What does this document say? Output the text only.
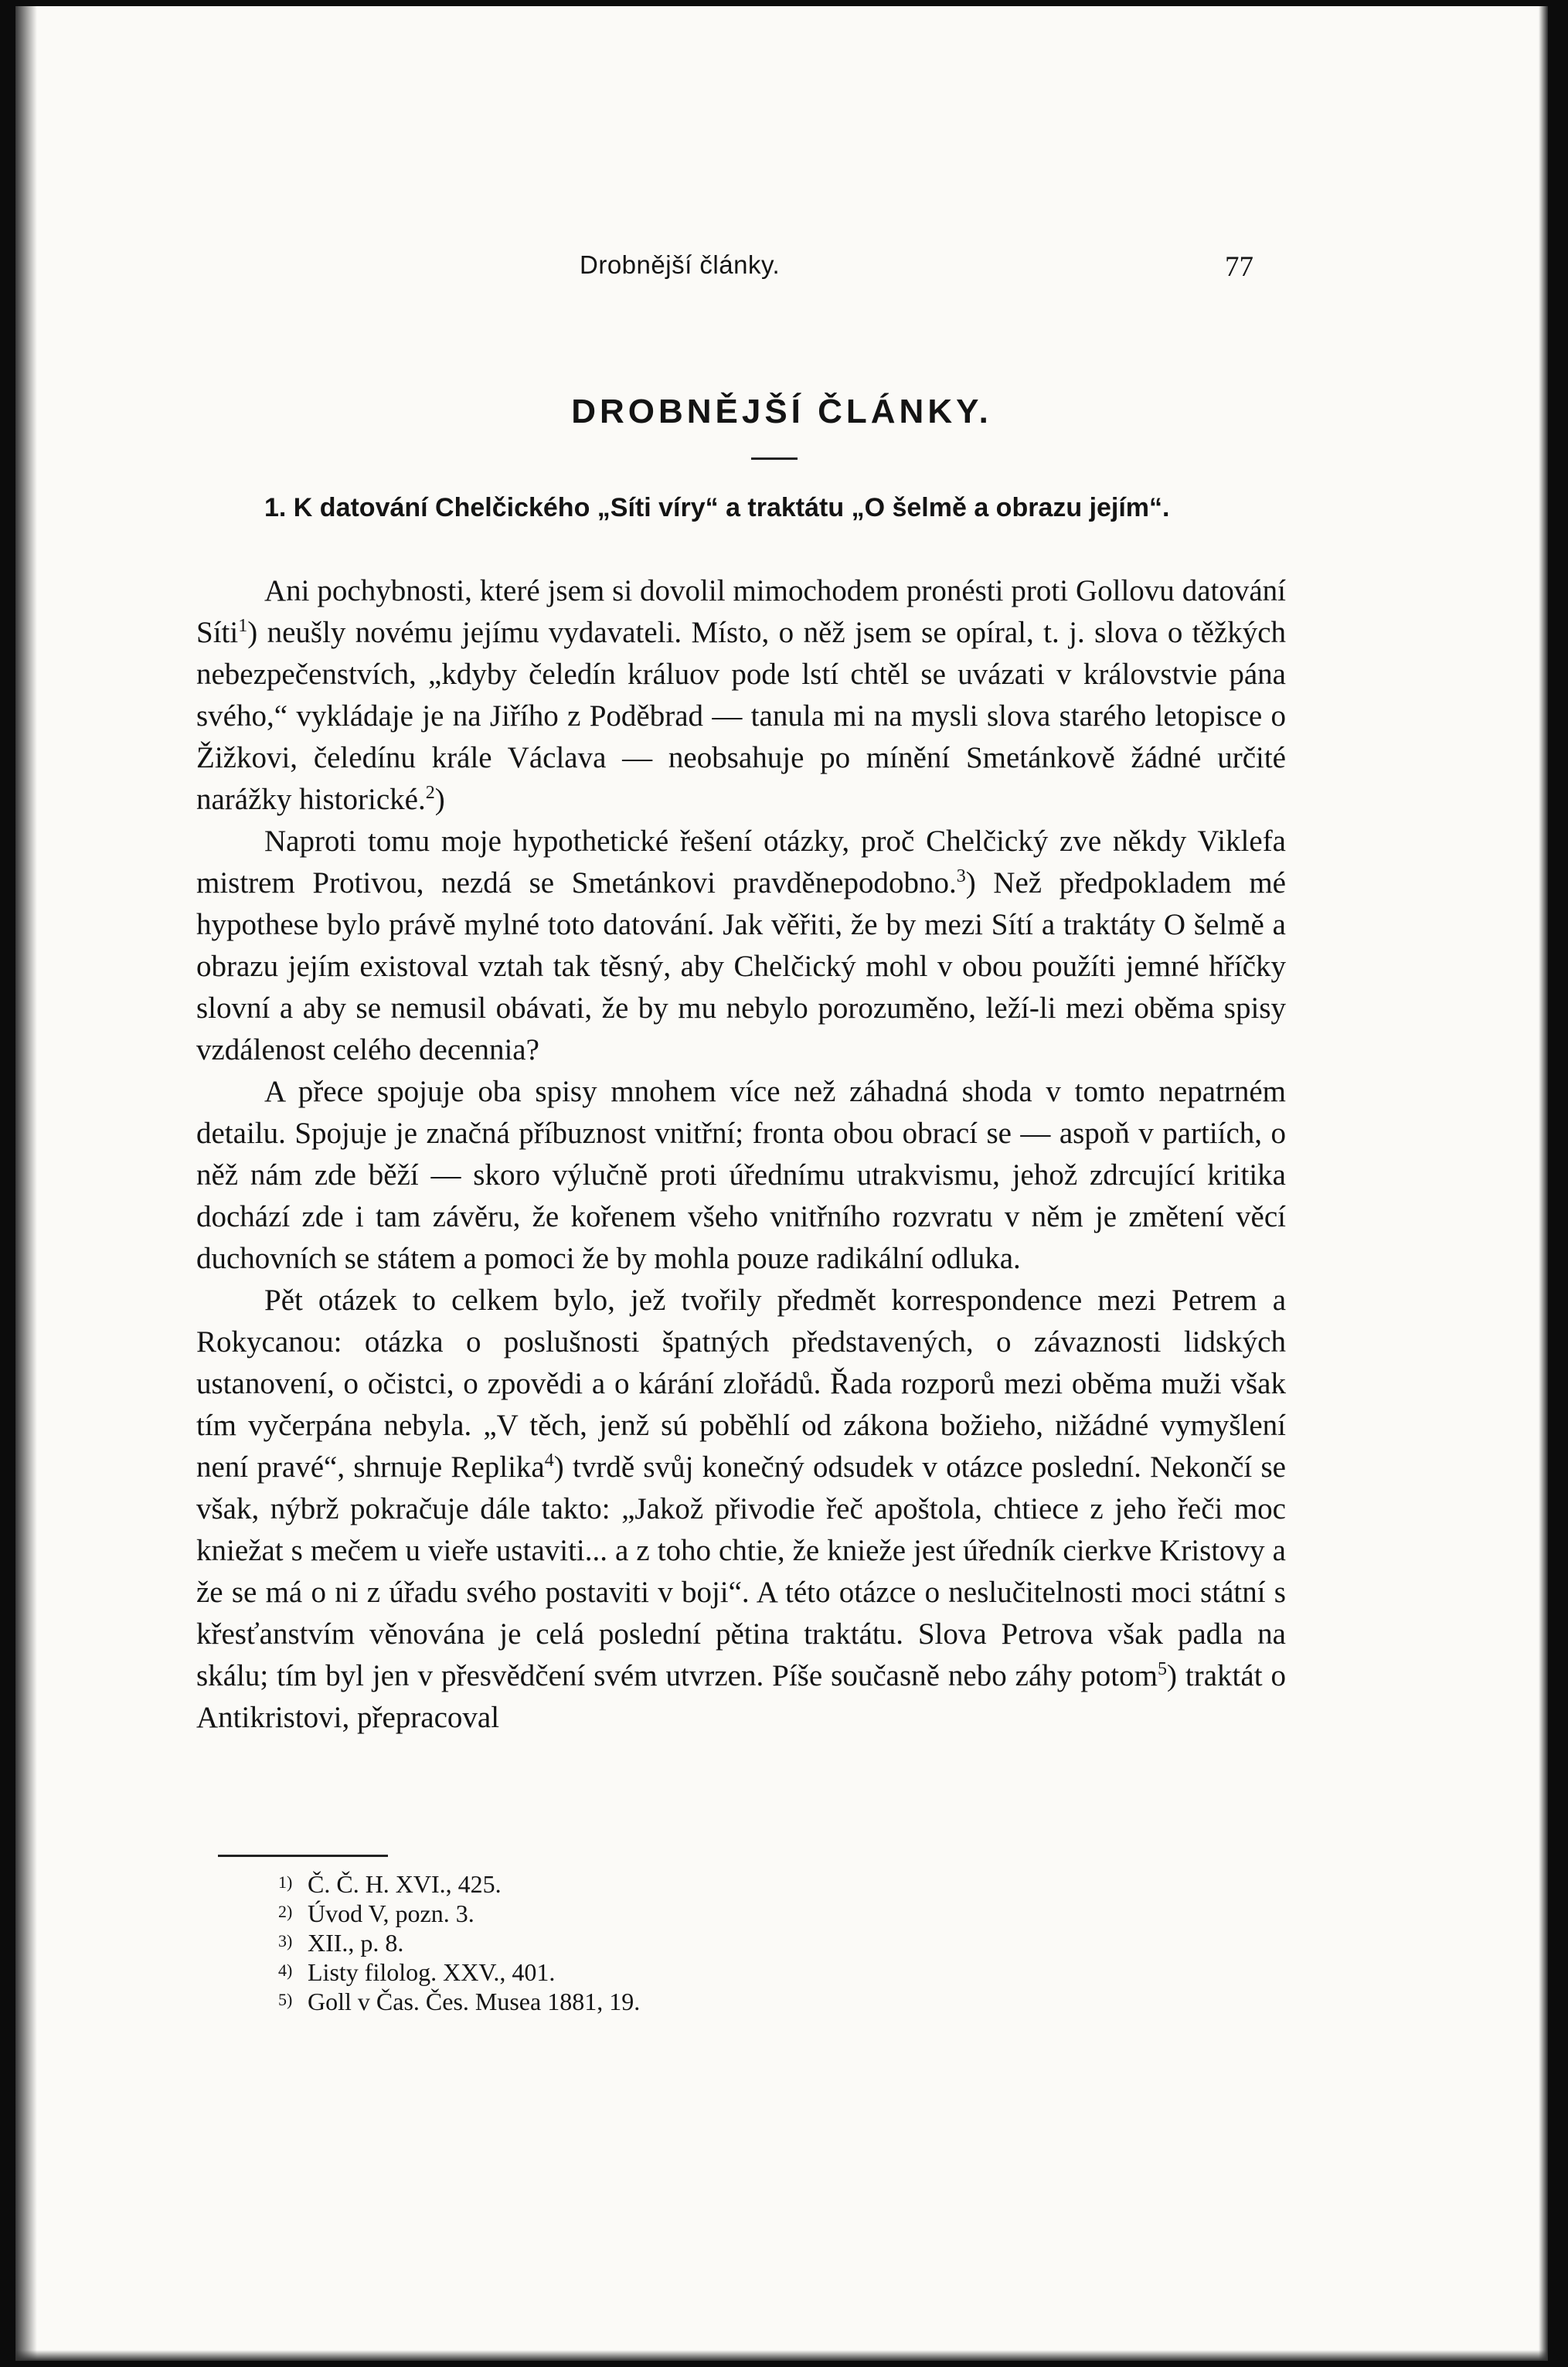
Drobnější články.	77
DROBNĚJŠÍ ČLÁNKY.
1. K datování Chelčického „Síti víry“ a traktátu „O šelmě a obrazu jejím“.

Ani pochybnosti, které jsem si dovolil mimochodem pronésti proti Gollovu datování Síti$^1$) neušly novému jejímu vydavateli. Místo, o něž jsem se opíral, t. j. slova o těžkých nebezpečenstvích, „kdyby čeledín králuov pode lstí chtěl se uvázati v královstvie pána svého,“ vykládaje je na Jiřího z Poděbrad — tanula mi na mysli slova starého letopisce o Žižkovi, čeledínu krále Václava — neobsahuje po mínění Smetánkově žádné určité narážky historické.$^2$)

Naproti tomu moje hypothetické řešení otázky, proč Chelčický zve někdy Viklefa mistrem Protivou, nezdá se Smetánkovi pravděnepodobno.$^3$) Než předpokladem mé hypothese bylo právě mylné toto datování. Jak věřiti, že by mezi Sítí a traktáty O šelmě a obrazu jejím existoval vztah tak těsný, aby Chelčický mohl v obou použíti jemné hříčky slovní a aby se nemusil obávati, že by mu nebylo porozuměno, leží-li mezi oběma spisy vzdálenost celého decennia?

A přece spojuje oba spisy mnohem více než záhadná shoda v tomto nepatrném detailu. Spojuje je značná příbuznost vnitřní; fronta obou obrací se — aspoň v partiích, o něž nám zde běží — skoro výlučně proti úřednímu utrakvismu, jehož zdrcující kritika dochází zde i tam závěru, že kořenem všeho vnitřního rozvratu v něm je změtení věcí duchovních se státem a pomoci že by mohla pouze radikální odluka.

Pět otázek to celkem bylo, jež tvořily předmět korrespondence mezi Petrem a Rokycanou: otázka o poslušnosti špatných představených, o závaznosti lidských ustanovení, o očistci, o zpovědi a o kárání zlořádů. Řada rozporů mezi oběma muži však tím vyčerpána nebyla. „V těch, jenž sú poběhlí od zákona božieho, nižádné vymyšlení není pravé“, shrnuje Replika$^4$) tvrdě svůj konečný odsudek v otázce poslední. Nekončí se však, nýbrž pokračuje dále takto: „Jakož přivodie řeč apoštola, chtiece z jeho řeči moc kniežat s mečem u vieře ustaviti... a z toho chtie, že knieže jest úředník cierkve Kristovy a že se má o ni z úřadu svého postaviti v boji“. A této otázce o neslučitelnosti moci státní s křesťanstvím věnována je celá poslední pětina traktátu. Slova Petrova však padla na skálu; tím byl jen v přesvědčení svém utvrzen. Píše současně nebo záhy potom$^5$) traktát o Antikristovi, přepracoval

1) Č. Č. H. XVI., 425.
2) Úvod V, pozn. 3.
3) XII., p. 8.
4) Listy filolog. XXV., 401.
5) Goll v Čas. Čes. Musea 1881, 19.
